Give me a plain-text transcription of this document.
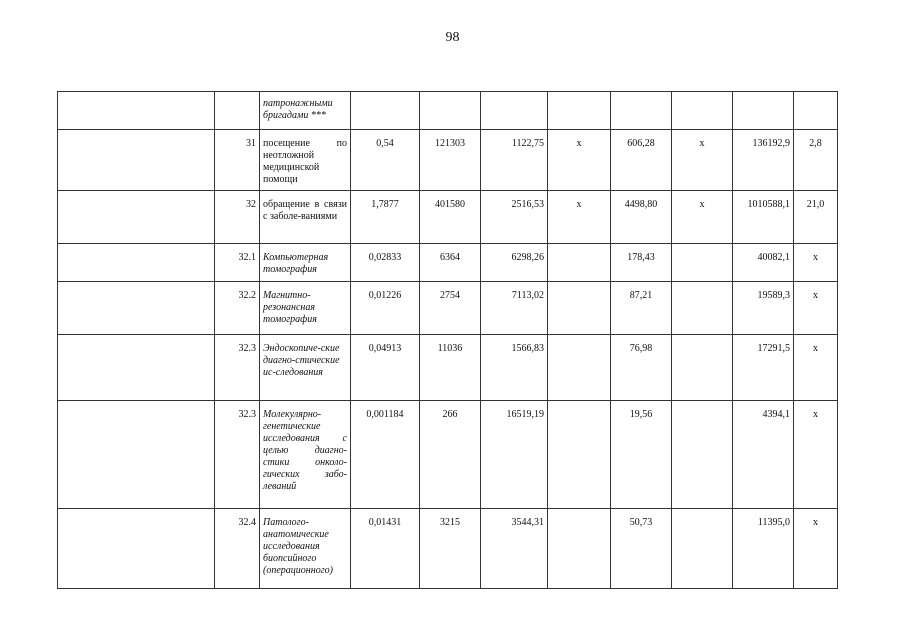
98
		патронажными бригадами ***								
	31	посещение по неотложной медицинской помощи	0,54	121303	1122,75	х	606,28	х	136192,9	2,8
	32	обращение в связи с заболе-ваниями	1,7877	401580	2516,53	х	4498,80	х	1010588,1	21,0
	32.1	Компьютерная томография	0,02833	6364	6298,26		178,43		40082,1	х
	32.2	Магнитно-резонансная томография	0,01226	2754	7113,02		87,21		19589,3	х
	32.3	Эндоскопиче-ские диагно-стические ис-следования	0,04913	11036	1566,83		76,98		17291,5	х
	32.3	Молекулярно-генетические исследования с целью диагно-стики онколо-гических забо-леваний	0,001184	266	16519,19		19,56		4394,1	х
	32.4	Патолого-анатомические исследования биопсийного (операционного)	0,01431	3215	3544,31		50,73		11395,0	х
